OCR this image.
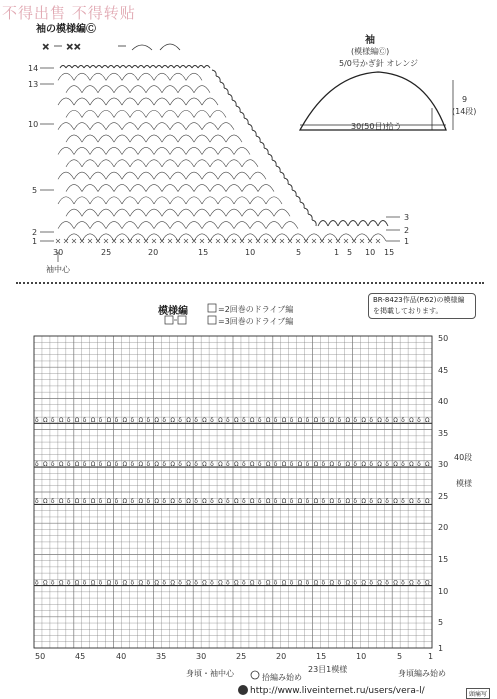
不得出售 不得转贴
袖の模様編Ⓒ
14
13
10
5
2
1
3
2
1
30	25	20	15	10	5	1 5 10 15
袖中心
袖
(模様編Ⓒ)
5/0号かぎ針 オレンジ
30(50目)拾う
9
(14段)
模様編	=2回巻のドライブ編
=3回巻のドライブ編
BR-8423作品(P.62)の模様編を掲載しております。
50
45
40
35
30
25
20
15
10
5
1
40段
模様
50	45	40	35	30	25	20	15	10	5	1
身頃・袖中心	拾編み始め
23目1模様	身頃編み始め
http://www.liveinternet.ru/users/vera-l/	頭痛写
✕ ✕✕
δ Ω δ Ω δ Ω δ Ω δ Ω δ Ω δ Ω δ Ω δ Ω δ Ω δ Ω δ Ω δ Ω δ Ω δ Ω δ Ω δ Ω δ Ω δ Ω δ Ω δ Ω δ Ω δ Ω δ Ω δ Ω
δ Ω δ Ω δ Ω δ Ω δ Ω δ Ω δ Ω δ Ω δ Ω δ Ω δ Ω δ Ω δ Ω δ Ω δ Ω δ Ω δ Ω δ Ω δ Ω δ Ω δ Ω δ Ω δ Ω δ Ω δ Ω
δ Ω δ Ω δ Ω δ Ω δ Ω δ Ω δ Ω δ Ω δ Ω δ Ω δ Ω δ Ω δ Ω δ Ω δ Ω δ Ω δ Ω δ Ω δ Ω δ Ω δ Ω δ Ω δ Ω δ Ω δ Ω
δ Ω δ Ω δ Ω δ Ω δ Ω δ Ω δ Ω δ Ω δ Ω δ Ω δ Ω δ Ω δ Ω δ Ω δ Ω δ Ω δ Ω δ Ω δ Ω δ Ω δ Ω δ Ω δ Ω δ Ω δ Ω
